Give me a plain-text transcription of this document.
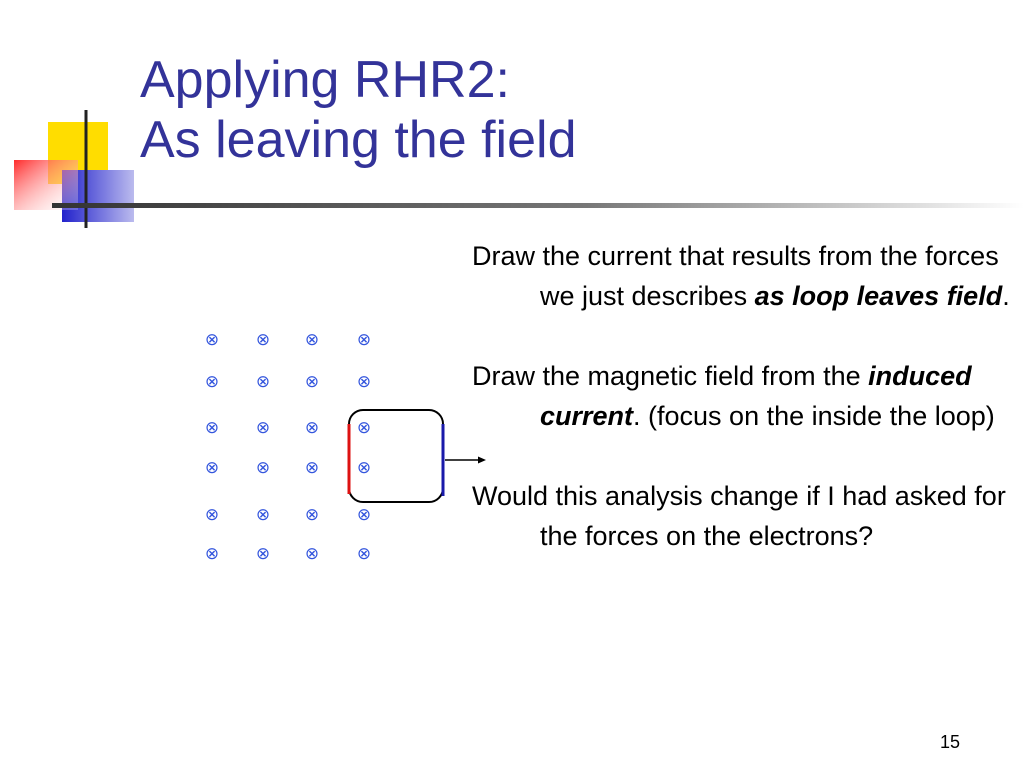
Applying RHR2:
As leaving the field
⊗ ⊗ ⊗ ⊗
⊗ ⊗ ⊗ ⊗
⊗ ⊗ ⊗ ⊗
⊗ ⊗ ⊗ ⊗
⊗ ⊗ ⊗ ⊗
⊗ ⊗ ⊗ ⊗

Draw the current that results from the forces we just describes as loop leaves field.

Draw the magnetic field from the induced current. (focus on the inside the loop)

Would this analysis change if I had asked for the forces on the electrons?

15
